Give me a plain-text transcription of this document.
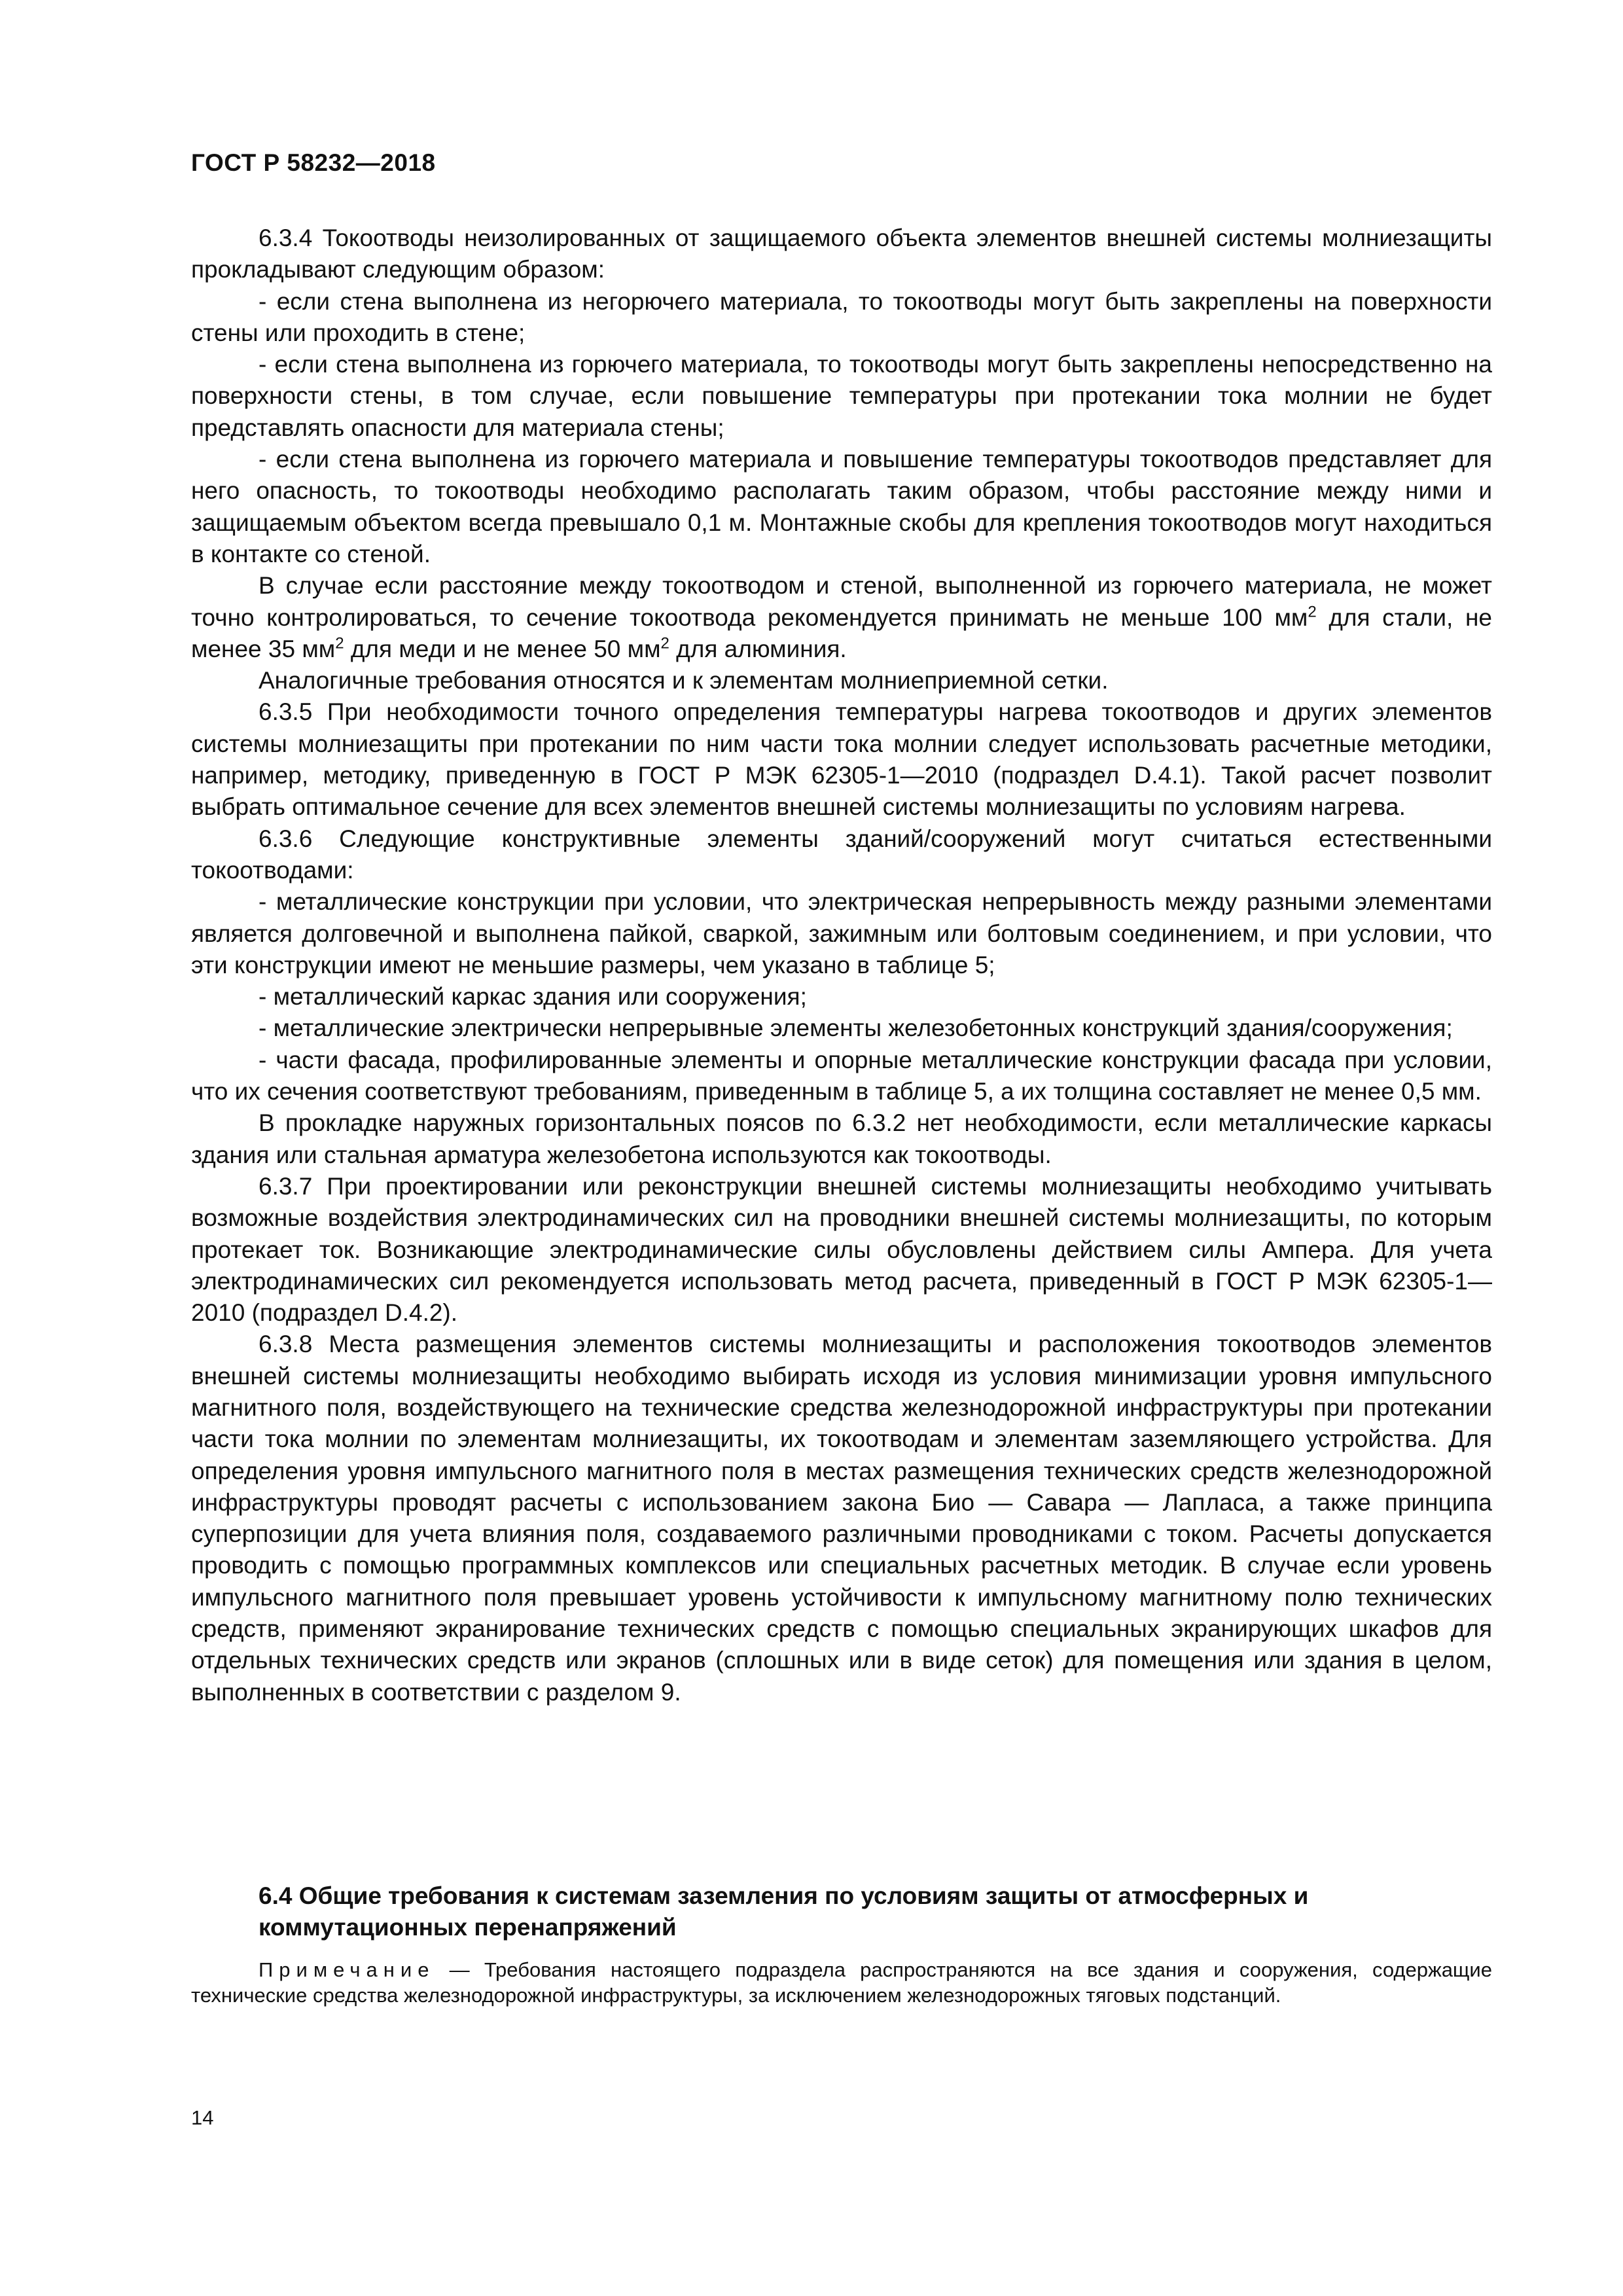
ГОСТ Р 58232—2018

6.3.4 Токоотводы неизолированных от защищаемого объекта элементов внешней системы молниезащиты прокладывают следующим образом:

- если стена выполнена из негорючего материала, то токоотводы могут быть закреплены на поверхности стены или проходить в стене;

- если стена выполнена из горючего материала, то токоотводы могут быть закреплены непосредственно на поверхности стены, в том случае, если повышение температуры при протекании тока молнии не будет представлять опасности для материала стены;

- если стена выполнена из горючего материала и повышение температуры токоотводов представляет для него опасность, то токоотводы необходимо располагать таким образом, чтобы расстояние между ними и защищаемым объектом всегда превышало 0,1 м. Монтажные скобы для крепления токоотводов могут находиться в контакте со стеной.

В случае если расстояние между токоотводом и стеной, выполненной из горючего материала, не может точно контролироваться, то сечение токоотвода рекомендуется принимать не меньше 100 $мм^2$ для стали, не менее 35 $мм^2$ для меди и не менее 50 $мм^2$ для алюминия.

Аналогичные требования относятся и к элементам молниеприемной сетки.

6.3.5 При необходимости точного определения температуры нагрева токоотводов и других элементов системы молниезащиты при протекании по ним части тока молнии следует использовать расчетные методики, например, методику, приведенную в ГОСТ Р МЭК 62305-1—2010 (подраздел D.4.1). Такой расчет позволит выбрать оптимальное сечение для всех элементов внешней системы молниезащиты по условиям нагрева.

6.3.6 Следующие конструктивные элементы зданий/сооружений могут считаться естественными токоотводами:

- металлические конструкции при условии, что электрическая непрерывность между разными элементами является долговечной и выполнена пайкой, сваркой, зажимным или болтовым соединением, и при условии, что эти конструкции имеют не меньшие размеры, чем указано в таблице 5;

- металлический каркас здания или сооружения;

- металлические электрически непрерывные элементы железобетонных конструкций здания/сооружения;

- части фасада, профилированные элементы и опорные металлические конструкции фасада при условии, что их сечения соответствуют требованиям, приведенным в таблице 5, а их толщина составляет не менее 0,5 мм.

В прокладке наружных горизонтальных поясов по 6.3.2 нет необходимости, если металлические каркасы здания или стальная арматура железобетона используются как токоотводы.

6.3.7 При проектировании или реконструкции внешней системы молниезащиты необходимо учитывать возможные воздействия электродинамических сил на проводники внешней системы молниезащиты, по которым протекает ток. Возникающие электродинамические силы обусловлены действием силы Ампера. Для учета электродинамических сил рекомендуется использовать метод расчета, приведенный в ГОСТ Р МЭК 62305-1—2010 (подраздел D.4.2).

6.3.8 Места размещения элементов системы молниезащиты и расположения токоотводов элементов внешней системы молниезащиты необходимо выбирать исходя из условия минимизации уровня импульсного магнитного поля, воздействующего на технические средства железнодорожной инфраструктуры при протекании части тока молнии по элементам молниезащиты, их токоотводам и элементам заземляющего устройства. Для определения уровня импульсного магнитного поля в местах размещения технических средств железнодорожной инфраструктуры проводят расчеты с использованием закона Био — Савара — Лапласа, а также принципа суперпозиции для учета влияния поля, создаваемого различными проводниками с током. Расчеты допускается проводить с помощью программных комплексов или специальных расчетных методик. В случае если уровень импульсного магнитного поля превышает уровень устойчивости к импульсному магнитному полю технических средств, применяют экранирование технических средств с помощью специальных экранирующих шкафов для отдельных технических средств или экранов (сплошных или в виде сеток) для помещения или здания в целом, выполненных в соответствии с разделом 9.

6.4 Общие требования к системам заземления по условиям защиты от атмосферных и коммутационных перенапряжений

Примечание — Требования настоящего подраздела распространяются на все здания и сооружения, содержащие технические средства железнодорожной инфраструктуры, за исключением железнодорожных тяговых подстанций.

14
